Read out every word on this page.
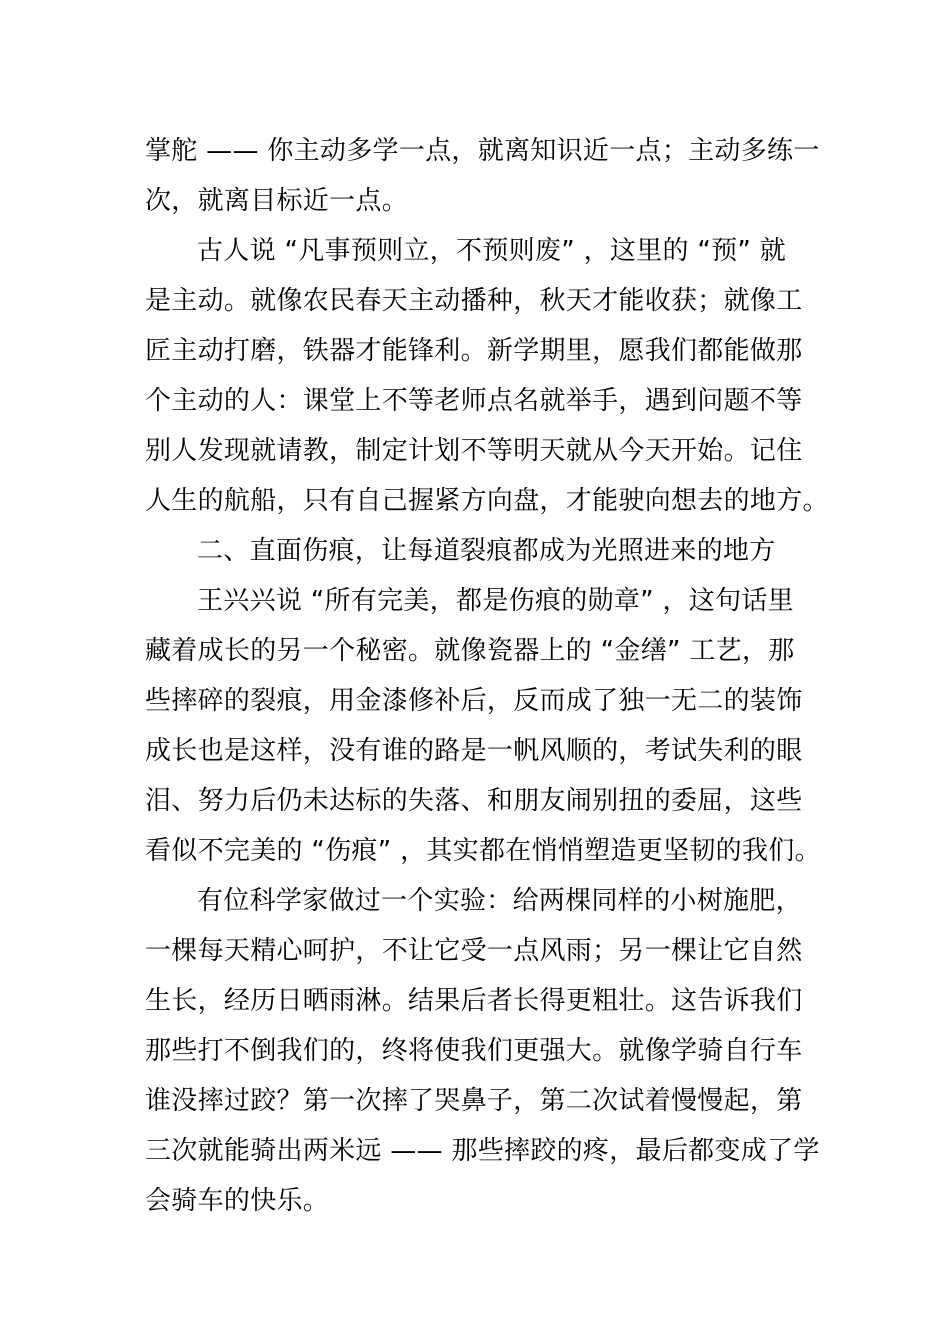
掌舵 —— 你主动多学一点，就离知识近一点；主动多练一
次，就离目标近一点。
古人说 “凡事预则立，不预则废” ，这里的 “预” 就
是主动。就像农民春天主动播种，秋天才能收获；就像工
匠主动打磨，铁器才能锋利。新学期里，愿我们都能做那
个主动的人：课堂上不等老师点名就举手，遇到问题不等
别人发现就请教，制定计划不等明天就从今天开始。记住
人生的航船，只有自己握紧方向盘，才能驶向想去的地方。
二、直面伤痕，让每道裂痕都成为光照进来的地方
王兴兴说 “所有完美，都是伤痕的勋章” ，这句话里
藏着成长的另一个秘密。就像瓷器上的 “金缮” 工艺，那
些摔碎的裂痕，用金漆修补后，反而成了独一无二的装饰
成长也是这样，没有谁的路是一帆风顺的，考试失利的眼
泪、努力后仍未达标的失落、和朋友闹别扭的委屈，这些
看似不完美的 “伤痕” ，其实都在悄悄塑造更坚韧的我们。
有位科学家做过一个实验：给两棵同样的小树施肥，
一棵每天精心呵护，不让它受一点风雨；另一棵让它自然
生长，经历日晒雨淋。结果后者长得更粗壮。这告诉我们
那些打不倒我们的，终将使我们更强大。就像学骑自行车
谁没摔过跤？第一次摔了哭鼻子，第二次试着慢慢起，第
三次就能骑出两米远 —— 那些摔跤的疼，最后都变成了学
会骑车的快乐。
